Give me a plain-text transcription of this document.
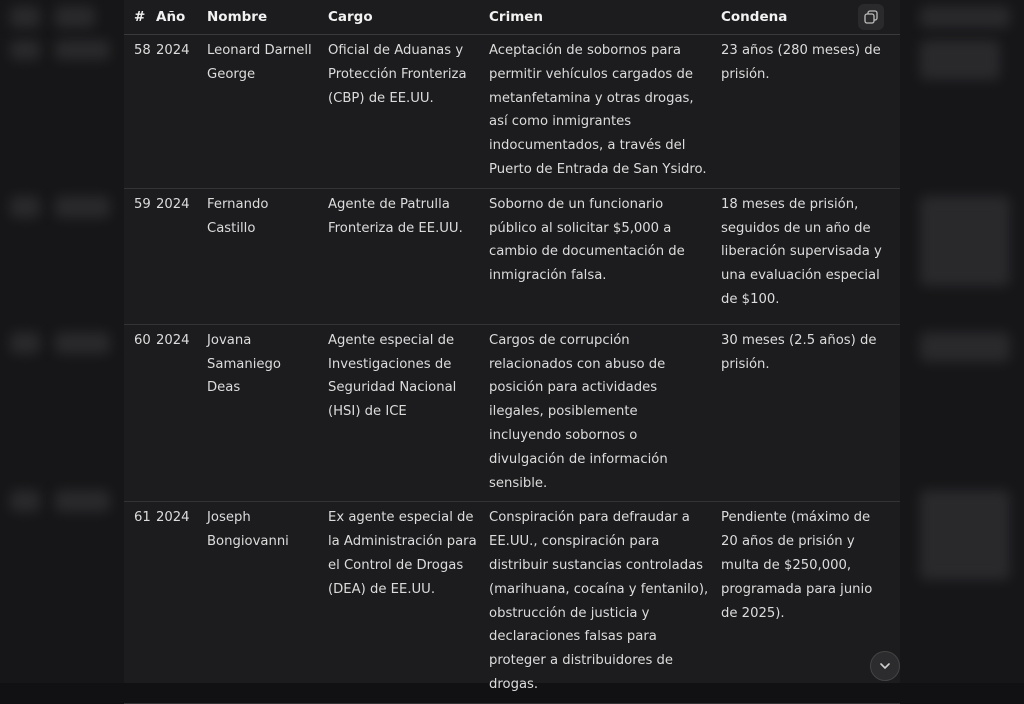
#	Año	Nombre	Cargo	Crimen	Condena
58	2024	Leonard Darnell George	Oficial de Aduanas y Protección Fronteriza (CBP) de EE.UU.	Aceptación de sobornos para permitir vehículos cargados de metanfetamina y otras drogas, así como inmigrantes indocumentados, a través del Puerto de Entrada de San Ysidro.	23 años (280 meses) de prisión.
59	2024	Fernando Castillo	Agente de Patrulla Fronteriza de EE.UU.	Soborno de un funcionario público al solicitar $5,000 a cambio de documentación de inmigración falsa.	18 meses de prisión, seguidos de un año de liberación supervisada y una evaluación especial de $100.
60	2024	Jovana Samaniego Deas	Agente especial de Investigaciones de Seguridad Nacional (HSI) de ICE	Cargos de corrupción relacionados con abuso de posición para actividades ilegales, posiblemente incluyendo sobornos o divulgación de información sensible.	30 meses (2.5 años) de prisión.
61	2024	Joseph Bongiovanni	Ex agente especial de la Administración para el Control de Drogas (DEA) de EE.UU.	Conspiración para defraudar a EE.UU., conspiración para distribuir sustancias controladas (marihuana, cocaína y fentanilo), obstrucción de justicia y declaraciones falsas para proteger a distribuidores de drogas.	Pendiente (máximo de 20 años de prisión y multa de $250,000, programada para junio de 2025).
